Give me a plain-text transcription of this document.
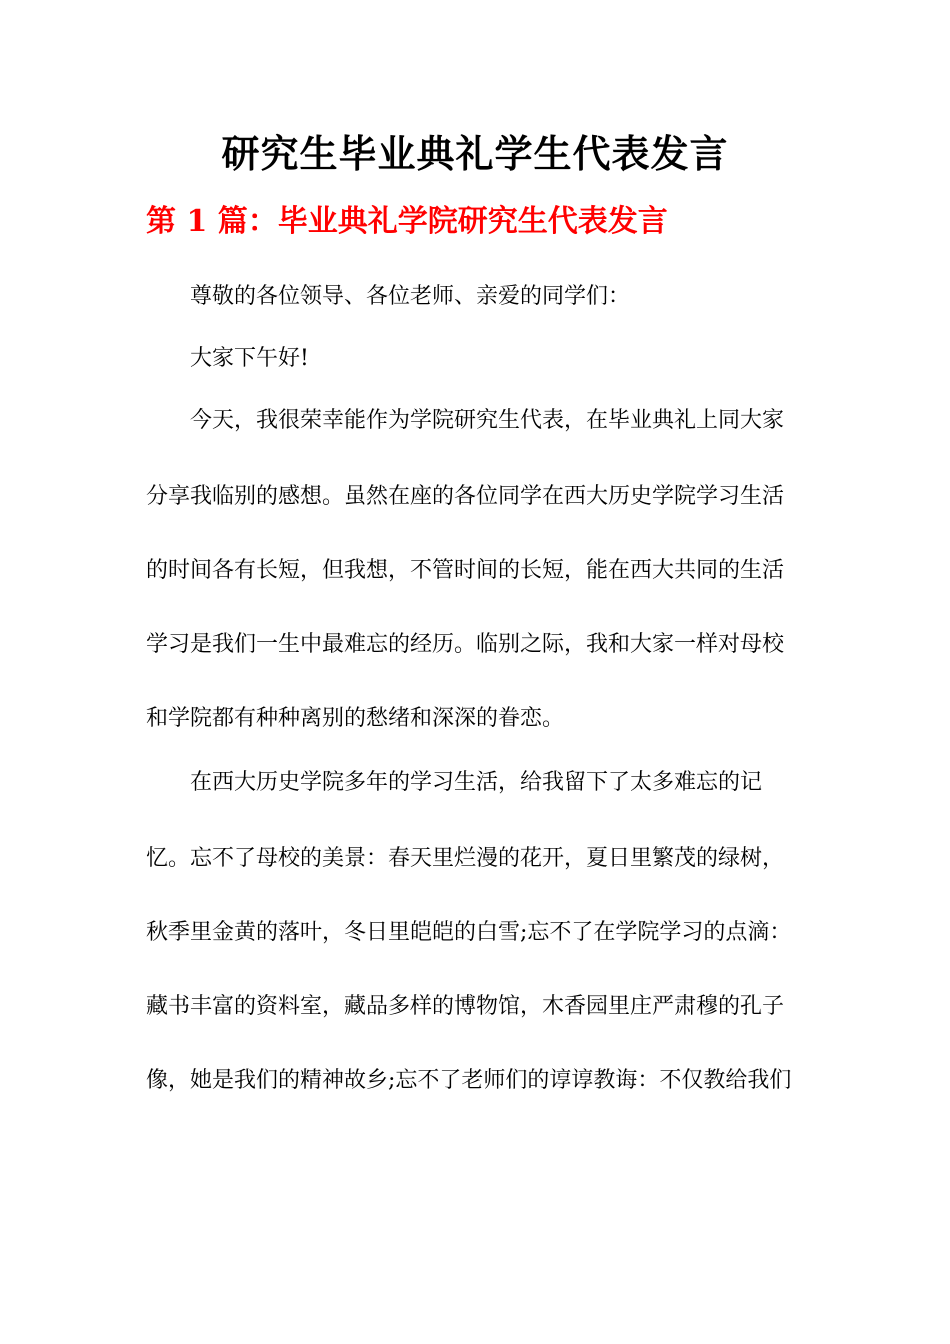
研究生毕业典礼学生代表发言
第 1 篇：毕业典礼学院研究生代表发言

尊敬的各位领导、各位老师、亲爱的同学们：

大家下午好!

今天，我很荣幸能作为学院研究生代表，在毕业典礼上同大家

分享我临别的感想。虽然在座的各位同学在西大历史学院学习生活

的时间各有长短，但我想，不管时间的长短，能在西大共同的生活

学习是我们一生中最难忘的经历。临别之际，我和大家一样对母校

和学院都有种种离别的愁绪和深深的眷恋。

在西大历史学院多年的学习生活，给我留下了太多难忘的记

忆。忘不了母校的美景：春天里烂漫的花开，夏日里繁茂的绿树，

秋季里金黄的落叶，冬日里皑皑的白雪;忘不了在学院学习的点滴：

藏书丰富的资料室，藏品多样的博物馆，木香园里庄严肃穆的孔子

像，她是我们的精神故乡;忘不了老师们的谆谆教诲：不仅教给我们
